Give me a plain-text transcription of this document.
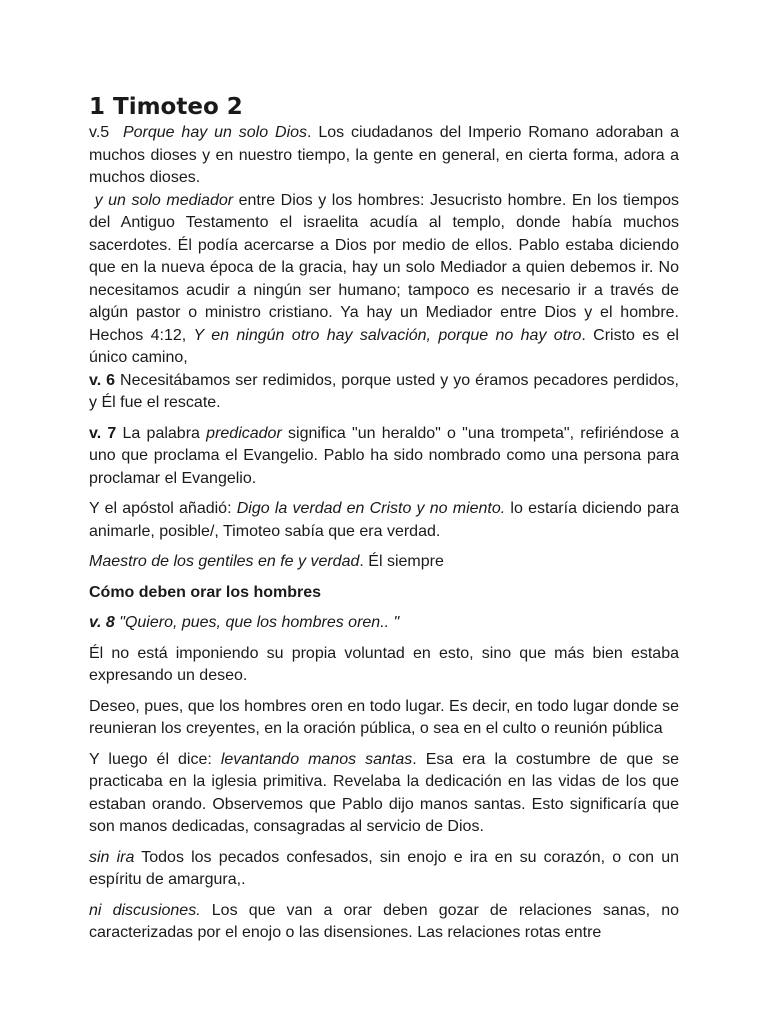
1 Timoteo 2

v.5 Porque hay un solo Dios. Los ciudadanos del Imperio Romano adoraban a muchos dioses y en nuestro tiempo, la gente en general, en cierta forma, adora a muchos dioses.

y un solo mediador entre Dios y los hombres: Jesucristo hombre. En los tiempos del Antiguo Testamento el israelita acudía al templo, donde había muchos sacerdotes. Él podía acercarse a Dios por medio de ellos. Pablo estaba diciendo que en la nueva época de la gracia, hay un solo Mediador a quien debemos ir. No necesitamos acudir a ningún ser humano; tampoco es necesario ir a través de algún pastor o ministro cristiano. Ya hay un Mediador entre Dios y el hombre. Hechos 4:12, Y en ningún otro hay salvación, porque no hay otro. Cristo es el único camino,

v. 6 Necesitábamos ser redimidos, porque usted y yo éramos pecadores perdidos, y Él fue el rescate.

v. 7 La palabra predicador significa "un heraldo" o "una trompeta", refiriéndose a uno que proclama el Evangelio. Pablo ha sido nombrado como una persona para proclamar el Evangelio.

Y el apóstol añadió: Digo la verdad en Cristo y no miento. lo estaría diciendo para animarle, posible/, Timoteo sabía que era verdad.

Maestro de los gentiles en fe y verdad. Él siempre

Cómo deben orar los hombres

v. 8 "Quiero, pues, que los hombres oren.. "

Él no está imponiendo su propia voluntad en esto, sino que más bien estaba expresando un deseo.

Deseo, pues, que los hombres oren en todo lugar. Es decir, en todo lugar donde se reunieran los creyentes, en la oración pública, o sea en el culto o reunión pública

Y luego él dice: levantando manos santas. Esa era la costumbre de que se practicaba en la iglesia primitiva. Revelaba la dedicación en las vidas de los que estaban orando. Observemos que Pablo dijo manos santas. Esto significaría que son manos dedicadas, consagradas al servicio de Dios.

sin ira Todos los pecados confesados, sin enojo e ira en su corazón, o con un espíritu de amargura,.

ni discusiones. Los que van a orar deben gozar de relaciones sanas, no caracterizadas por el enojo o las disensiones. Las relaciones rotas entre
